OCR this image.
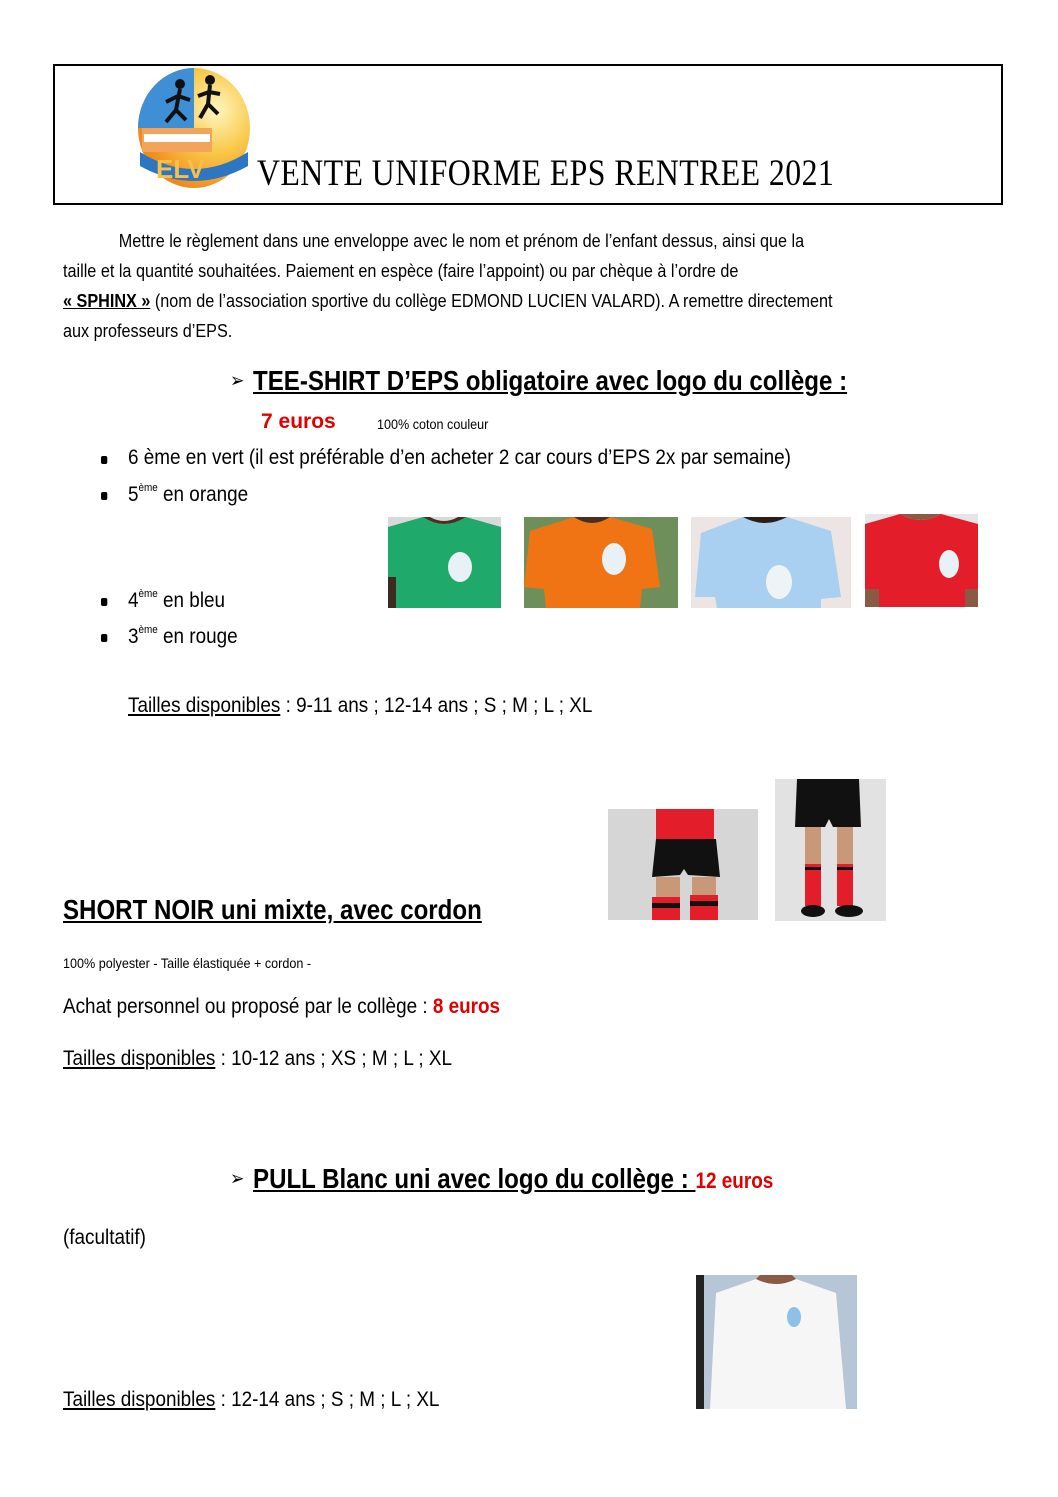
ELV VENTE UNIFORME EPS RENTREE 2021
Mettre le règlement dans une enveloppe avec le nom et prénom de l’enfant dessus, ainsi que la
taille et la quantité souhaitées. Paiement en espèce (faire l’appoint) ou par chèque à l’ordre de
« SPHINX » (nom de l’association sportive du collège EDMOND LUCIEN VALARD). A remettre directement
aux professeurs d’EPS.
➢ TEE-SHIRT D’EPS obligatoire avec logo du collège :
7 euros	100% coton couleur
6 ème en vert (il est préférable d’en acheter 2 car cours d’EPS 2x par semaine)
5ème en orange
4ème en bleu
3ème en rouge
Tailles disponibles : 9-11 ans ; 12-14 ans ; S ; M ; L ; XL
SHORT NOIR uni mixte, avec cordon
100% polyester - Taille élastiquée + cordon -
Achat personnel ou proposé par le collège : 8 euros
Tailles disponibles : 10-12 ans ; XS ; M ; L ; XL
➢ PULL Blanc uni avec logo du collège : 12 euros
(facultatif)
Tailles disponibles : 12-14 ans ; S ; M ; L ; XL
